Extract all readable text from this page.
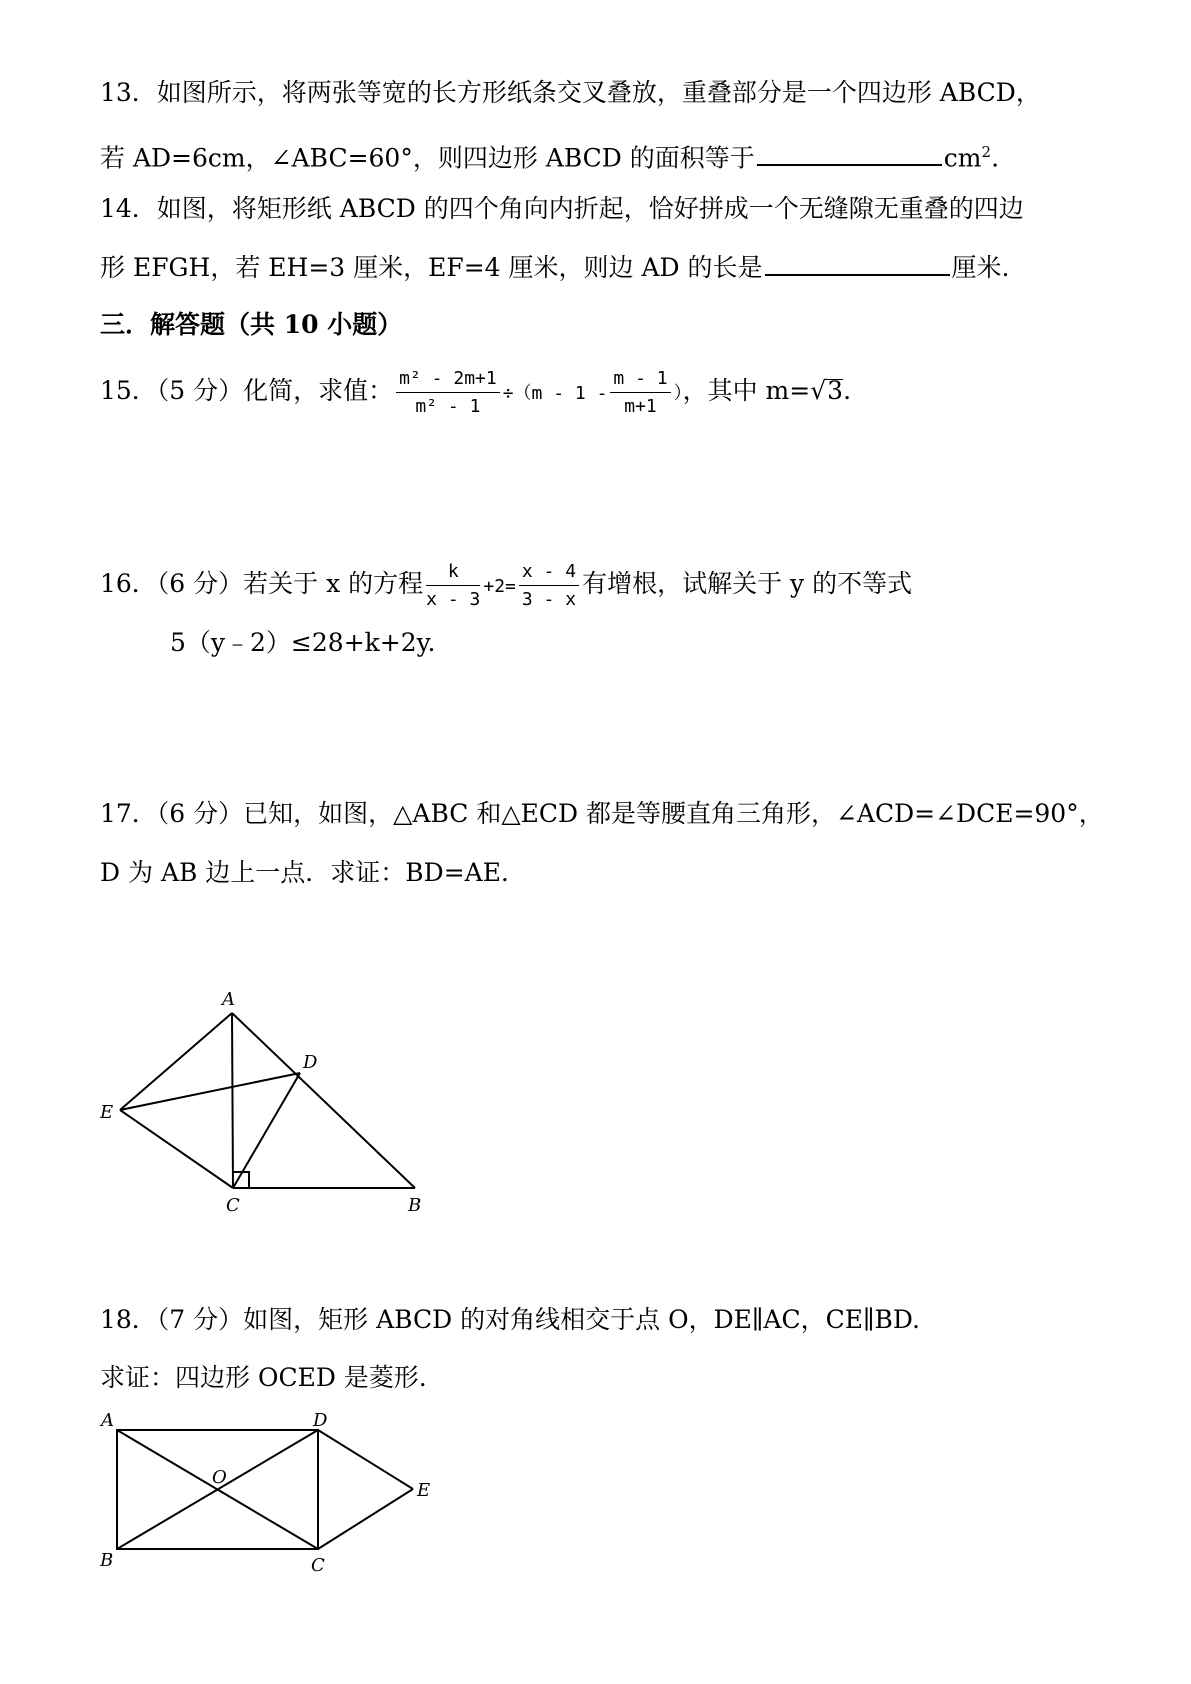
13．如图所示，将两张等宽的长方形纸条交叉叠放，重叠部分是一个四边形 ABCD，
若 AD=6cm，∠ABC=60°，则四边形 ABCD 的面积等于	$cm^2$.
14．如图，将矩形纸 ABCD 的四个角向内折起，恰好拼成一个无缝隙无重叠的四边
形 EFGH，若 EH=3 厘米，EF=4 厘米，则边 AD 的长是	厘米.
三．解答题（共 10 小题）
15．（5 分）化简，求值： $\frac{\text{m² - 2m+1}}{\text{m² - 1}} \div(m - 1 - \frac{m - 1}{m+1}$ ），其中 m=√3.
16．（6 分）若关于 x 的方程 $\frac{k}{x - 3} +2= \frac{x - 4}{3 - x}$ 有增根，试解关于 y 的不等式
5（y﹣2）≤28+k+2y.
17．（6 分）已知，如图，△ABC 和△ECD 都是等腰直角三角形，∠ACD=∠DCE=90°，
D 为 AB 边上一点．求证：BD=AE．
A
D
E
C	B
18．（7 分）如图，矩形 ABCD 的对角线相交于点 O，DE∥AC，CE∥BD.
求证：四边形 OCED 是菱形.
A	D
O
E
B	C
